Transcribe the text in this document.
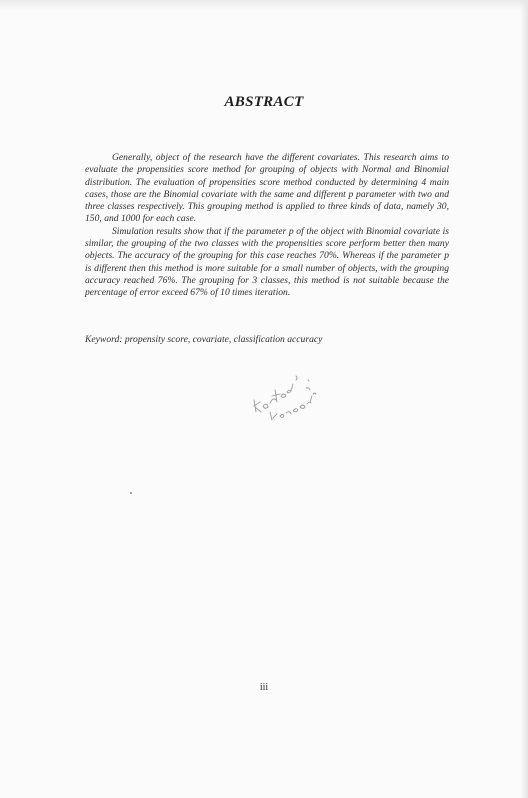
ABSTRACT

Generally, object of the research have the different covariates. This research aims to evaluate the propensities score method for grouping of objects with Normal and Binomial distribution. The evaluation of propensities score method conducted by determining 4 main cases, those are the Binomial covariate with the same and different p parameter with two and three classes respectively. This grouping method is applied to three kinds of data, namely 30, 150, and 1000 for each case.

Simulation results show that if the parameter p of the object with Binomial covariate is similar, the grouping of the two classes with the propensities score perform better then many objects. The accuracy of the grouping for this case reaches 70%. Whereas if the parameter p is different then this method is more suitable for a small number of objects, with the grouping accuracy reached 76%. The grouping for 3 classes, this method is not suitable because the percentage of error exceed 67% of 10 times iteration.

Keyword: propensity score, covariate, classification accuracy
iii
